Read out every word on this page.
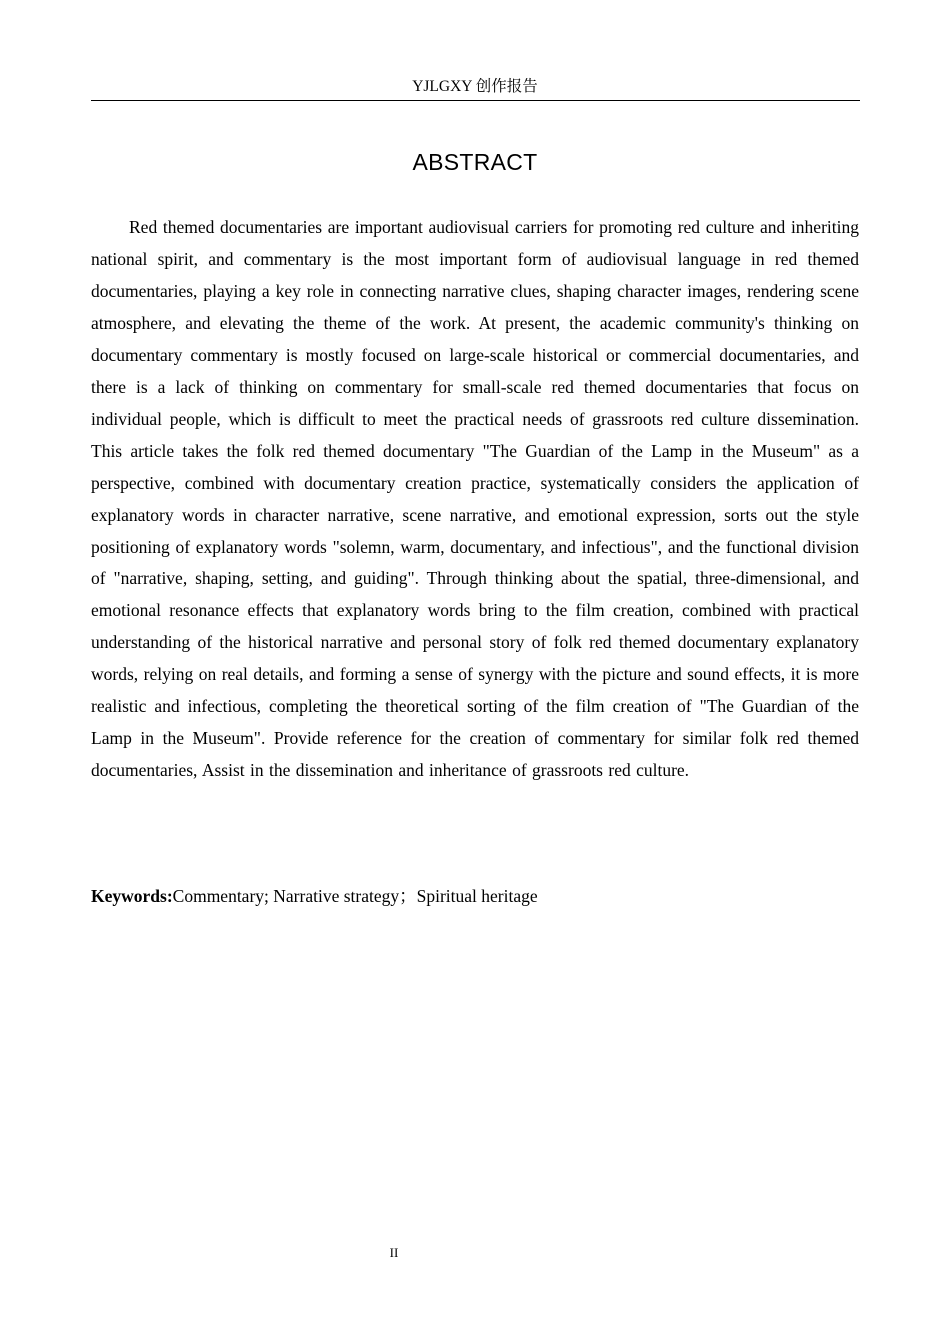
YJLGXY 创作报告
ABSTRACT

Red themed documentaries are important audiovisual carriers for promoting red culture and inheriting national spirit, and commentary is the most important form of audiovisual language in red themed documentaries, playing a key role in connecting narrative clues, shaping character images, rendering scene atmosphere, and elevating the theme of the work. At present, the academic community's thinking on documentary commentary is mostly focused on large-scale historical or commercial documentaries, and there is a lack of thinking on commentary for small-scale red themed documentaries that focus on individual people, which is difficult to meet the practical needs of grassroots red culture dissemination. This article takes the folk red themed documentary "The Guardian of the Lamp in the Museum" as a perspective, combined with documentary creation practice, systematically considers the application of explanatory words in character narrative, scene narrative, and emotional expression, sorts out the style positioning of explanatory words "solemn, warm, documentary, and infectious", and the functional division of "narrative, shaping, setting, and guiding". Through thinking about the spatial, three-dimensional, and emotional resonance effects that explanatory words bring to the film creation, combined with practical understanding of the historical narrative and personal story of folk red themed documentary explanatory words, relying on real details, and forming a sense of synergy with the picture and sound effects, it is more realistic and infectious, completing the theoretical sorting of the film creation of "The Guardian of the Lamp in the Museum". Provide reference for the creation of commentary for similar folk red themed documentaries, Assist in the dissemination and inheritance of grassroots red culture.

Keywords:Commentary; Narrative strategy；Spiritual heritage
II
